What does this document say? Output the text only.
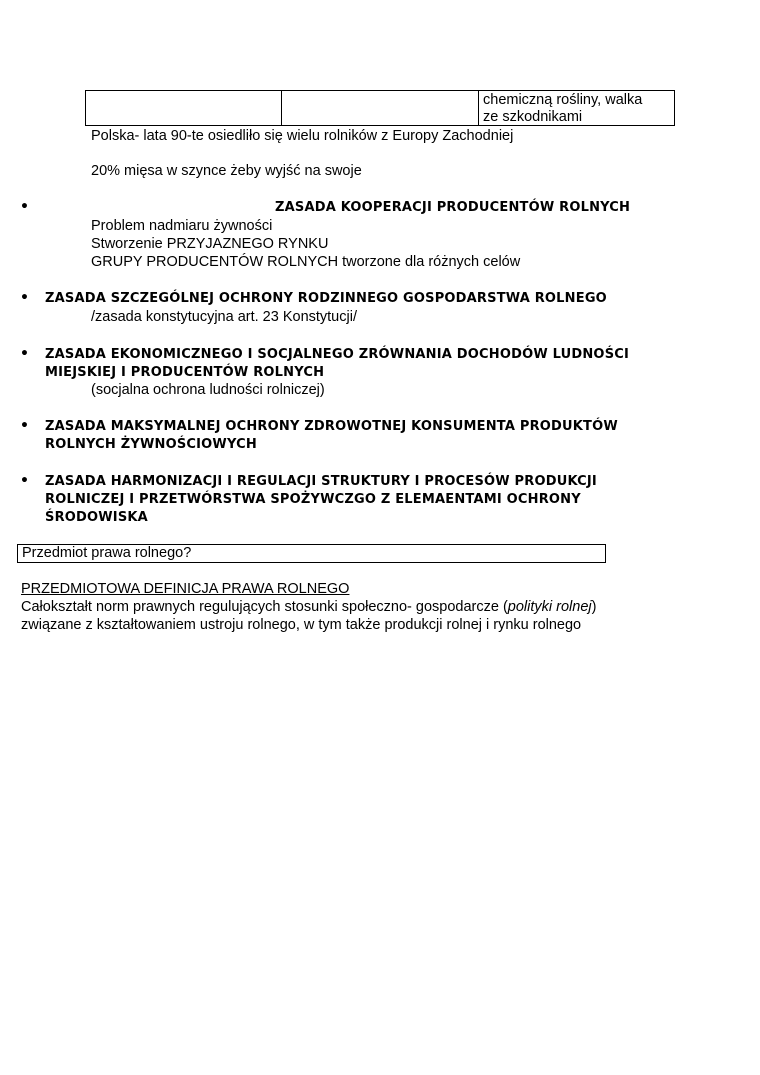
chemiczną rośliny, walka
ze szkodnikami
Polska- lata 90-te osiedliło się wielu rolników z Europy Zachodniej
20% mięsa w szynce żeby wyjść na swoje
•	ZASADA KOOPERACJI PRODUCENTÓW ROLNYCH
Problem nadmiaru żywności
Stworzenie PRZYJAZNEGO RYNKU
GRUPY PRODUCENTÓW ROLNYCH tworzone dla różnych celów
• ZASADA SZCZEGÓLNEJ OCHRONY RODZINNEGO GOSPODARSTWA ROLNEGO
/zasada konstytucyjna art. 23 Konstytucji/
• ZASADA EKONOMICZNEGO I SOCJALNEGO ZRÓWNANIA DOCHODÓW LUDNOŚCI
MIEJSKIEJ I PRODUCENTÓW ROLNYCH
(socjalna ochrona ludności rolniczej)
• ZASADA MAKSYMALNEJ OCHRONY ZDROWOTNEJ KONSUMENTA PRODUKTÓW
ROLNYCH ŻYWNOŚCIOWYCH
• ZASADA HARMONIZACJI I REGULACJI STRUKTURY I PROCESÓW PRODUKCJI
ROLNICZEJ I PRZETWÓRSTWA SPOŻYWCZGO Z ELEMAENTAMI OCHRONY
ŚRODOWISKA
Przedmiot prawa rolnego?
PRZEDMIOTOWA DEFINICJA PRAWA ROLNEGO
Całokształt norm prawnych regulujących stosunki społeczno- gospodarcze (polityki rolnej)
związane z kształtowaniem ustroju rolnego, w tym także produkcji rolnej i rynku rolnego
